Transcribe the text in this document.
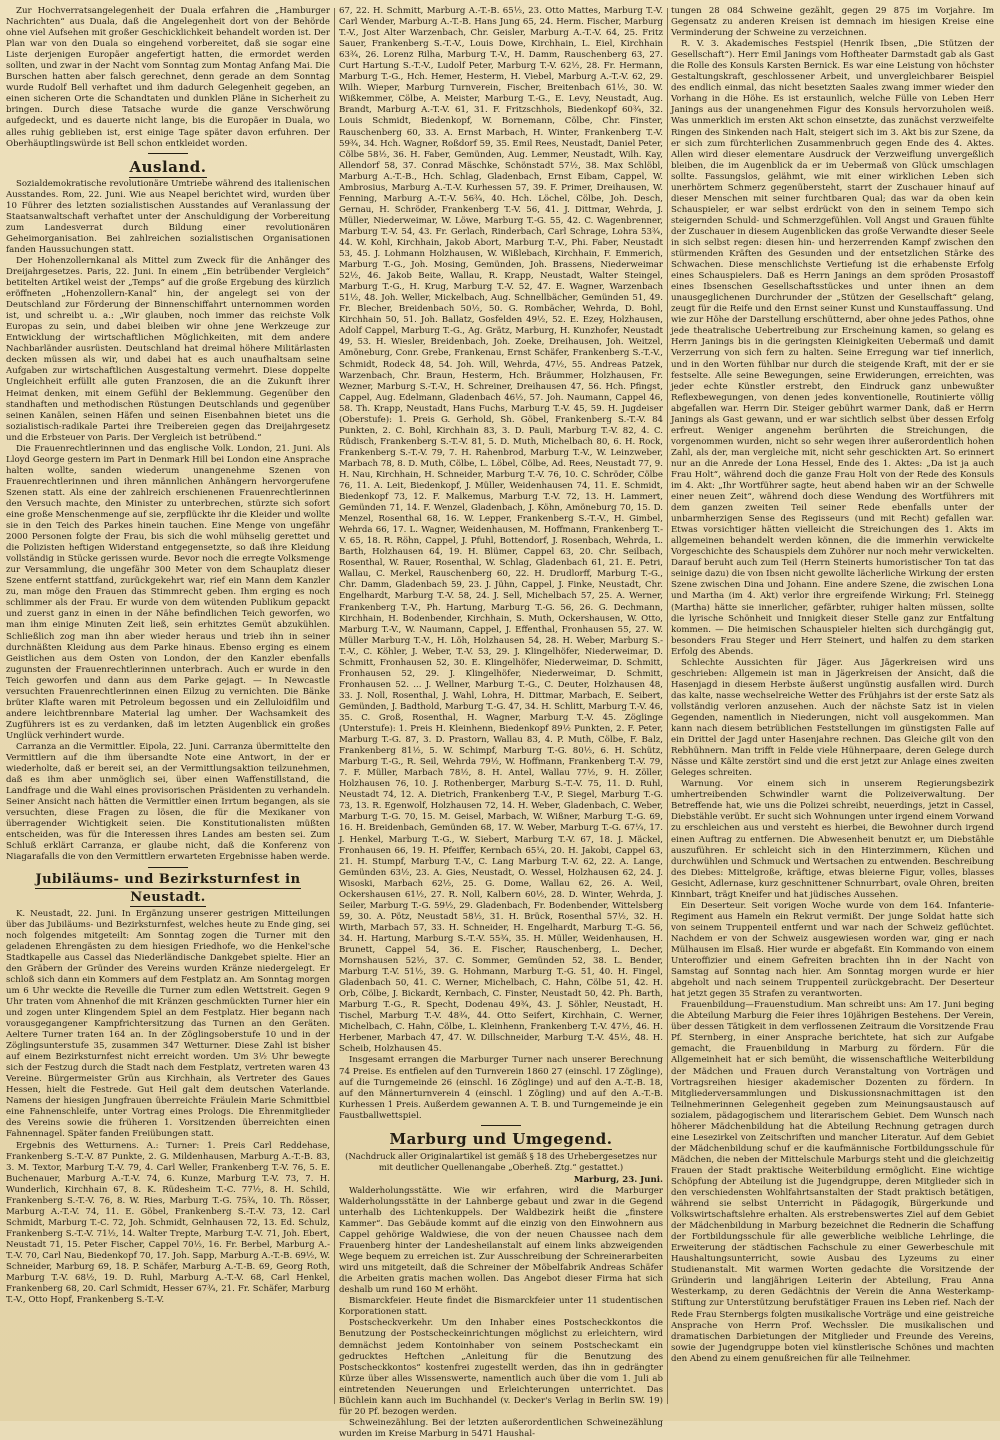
Zur Hochverratsangelegenheit der Duala erfahren die „Hamburger Nachrichten“ aus Duala, daß die Angelegenheit dort von der Behörde ohne viel Aufsehen mit großer Geschicklichkeit behandelt worden ist. Der Plan war von den Duala so eingehend vorbereitet, daß sie sogar eine Liste derjenigen Europäer angefertigt hatten, die ermordet werden sollten, und zwar in der Nacht vom Sonntag zum Montag Anfang Mai. Die Burschen hatten aber falsch gerechnet, denn gerade an dem Sonntag wurde Rudolf Bell verhaftet und ihm dadurch Gelegenheit gegeben, an einen sicheren Orte die Schandtaten und dunklen Pläne in Sicherheit zu bringen. Durch diese Tatsache wurde die ganze Verschwörung aufgedeckt, und es dauerte nicht lange, bis die Europäer in Duala, wo alles ruhig geblieben ist, erst einige Tage später davon erfuhren. Der Oberhäuptlingswürde ist Bell schon entkleidet worden.

Ausland.

Sozialdemokratische revolutionäre Umtriebe während des italienischen Ausstandes. Rom, 22. Juni. Wie aus Neapel berichtet wird, wurden über 10 Führer des letzten sozialistischen Ausstandes auf Veranlassung der Staatsanwaltschaft verhaftet unter der Anschuldigung der Vorbereitung zum Landesverrat durch Bildung einer revolutionären Geheimorganisation. Bei zahlreichen sozialistischen Organisationen fanden Haussuchungen statt.

Der Hohenzollernkanal als Mittel zum Zweck für die Anhänger des Dreijahrgesetzes. Paris, 22. Juni. In einem „Ein betrübender Vergleich“ betitelten Artikel weist der „Temps“ auf die große Ergebung des kürzlich eröffneten „Hohenzollern-Kanal“ hin, der angelegt sei von der Deutschland zur Förderung der Binnenschiffahrt unternommen worden ist, und schreibt u. a.: „Wir glauben, noch immer das reichste Volk Europas zu sein, und dabei bleiben wir ohne jene Werkzeuge zur Entwicklung der wirtschaftlichen Möglichkeiten, mit dem andere Nachbarländer ausrüsten. Deutschland hat dreimal höhere Militärlasten decken müssen als wir, und dabei hat es auch unaufhaltsam seine Aufgaben zur wirtschaftlichen Ausgestaltung vermehrt. Diese doppelte Ungleichheit erfüllt alle guten Franzosen, die an die Zukunft ihrer Heimat denken, mit einem Gefühl der Beklemmung. Gegenüber den standhaften und methodischen Rüstungen Deutschlands und gegenüber seinen Kanälen, seinen Häfen und seinen Eisenbahnen bietet uns die sozialistisch-radikale Partei ihre Treibereien gegen das Dreijahrgesetz und die Erbsteuer von Paris. Der Vergleich ist betrübend.“

Die Frauenrechtlerinnen und das englische Volk. London, 21. Juni. Als Lloyd George gestern im Part in Denmark Hill bei London eine Ansprache halten wollte, sanden wiederum unangenehme Szenen von Frauenrechtlerinnen und ihren männlichen Anhängern hervorgerufene Szenen statt. Als eine der zahlreich erschienenen Frauenrechtlerinnen den Versuch machte, den Minister zu unterbrechen, stürzte sich sofort eine große Menschenmenge auf sie, zerpflückte ihr die Kleider und wollte sie in den Teich des Parkes hinein tauchen. Eine Menge von ungefähr 2000 Personen folgte der Frau, bis sich die wohl mühselig gerettet und die Polizisten heftigen Widerstand entgegensetzte, so daß ihre Kleidung vollständig in Stücke gerissen wurde. Bevor noch die erregte Volksmenge zur Versammlung, die ungefähr 300 Meter von dem Schauplatz dieser Szene entfernt stattfand, zurückgekehrt war, rief ein Mann dem Kanzler zu, man möge den Frauen das Stimmrecht geben. Ihm erging es noch schlimmer als der Frau. Er wurde von dem wütenden Publikum gepackt und zuerst ganz in einen in der Nähe befindlichen Teich geworfen, wo man ihm einige Minuten Zeit ließ, sein erhitztes Gemüt abzukühlen. Schließlich zog man ihn aber wieder heraus und trieb ihn in seiner durchnäßten Kleidung aus dem Parke hinaus. Ebenso erging es einem Geistlichen aus dem Osten von London, der den Kanzler ebenfalls zugunsten der Frauenrechtlerinnen unterbrach. Auch er wurde in den Teich geworfen und dann aus dem Parke gejagt. — In Newcastle versuchten Frauenrechtlerinnen einen Eilzug zu vernichten. Die Bänke brüter Klafte waren mit Petroleum begossen und ein Zelluloidfilm und andere leichtbrennbare Material lag umher. Der Wachsamkeit des Zugführers ist es zu verdanken, daß im letzten Augenblick ein großes Unglück verhindert wurde.

Carranza an die Vermittler. Eipola, 22. Juni. Carranza übermittelte den Vermittlern auf die ihm übersandte Note eine Antwort, in der er wiederholte, daß er bereit sei, an der Vermittlungsaktion teilzunehmen, daß es ihm aber unmöglich sei, über einen Waffenstillstand, die Landfrage und die Wahl eines provisorischen Präsidenten zu verhandeln. Seiner Ansicht nach hätten die Vermittler einen Irrtum begangen, als sie versuchten, diese Fragen zu lösen, die für die Mexikaner von überragender Wichtigkeit seien. Die Konstitutionalisten müßten entscheiden, was für die Interessen ihres Landes am besten sei. Zum Schluß erklärt Carranza, er glaube nicht, daß die Konferenz von Niagarafalls die von den Vermittlern erwarteten Ergebnisse haben werde.

Jubiläums- und Bezirksturnfest in Neustadt.

K. Neustadt, 22. Juni. In Ergänzung unserer gestrigen Mitteilungen über das Jubiläums- und Bezirksturnfest, welches heute zu Ende ging, sei noch folgendes mitgeteilt: Am Sonntag zogen die Turner mit den geladenen Ehrengästen zu dem hiesigen Friedhofe, wo die Henkel'sche Stadtkapelle aus Cassel das Niederländische Dankgebet spielte. Hier an den Gräbern der Gründer des Vereins wurden Kränze niedergelegt. Er schloß sich dann ein Kommers auf dem Festplatz an. Am Sonntag morgen um 6 Uhr weckte die Reveille die Turner zum edlen Wettstreit. Gegen 9 Uhr traten vom Ahnenhof die mit Kränzen geschmückten Turner hier ein und zogen unter Klingendem Spiel an dem Festplatz. Hier begann nach vorausgegangener Kampfrichtersitzung das Turnen an den Geräten. Aeltere Turner traten 164 an. In der Zöglingsoberstufe 10 und in der Zöglingsunterstufe 35, zusammen 347 Wetturner. Diese Zahl ist bisher auf einem Bezirksturnfest nicht erreicht worden. Um 3½ Uhr bewegte sich der Festzug durch die Stadt nach dem Festplatz, vertreten waren 43 Vereine. Bürgermeister Grün aus Kirchhain, als Vertreter des Gaues Hessen, hielt die Festrede. Gut Heil galt dem deutschen Vaterlande. Namens der hiesigen Jungfrauen überreichte Fräulein Marie Schmittbiel eine Fahnenschleife, unter Vortrag eines Prologs. Die Ehrenmitglieder des Vereins sowie die früheren 1. Vorsitzenden überreichten einen Fahnennagel. Später fanden Freiübungen statt.

Ergebnis des Wetturnens. A.: Turner: 1. Preis Carl Reddehase, Frankenberg S.-T.-V. 87 Punkte, 2. G. Mildenhausen, Marburg A.-T.-B. 83, 3. M. Textor, Marburg T.-V. 79, 4. Carl Weller, Frankenberg T.-V. 76, 5. E. Buchenauer, Marburg A.-T.-V. 74, 6. Kunze, Marburg T.-V. 73, 7. H. Wunderlich, Kirchhain 67, 8. K. Rüdesheim T.-C. 77½, 8. H. Schild, Frankenberg S.-T.-V. 76, 8. W. Ries, Marburg T.-G. 75¾, 10. Th. Rösser, Marburg A.-T.-V. 74, 11. E. Göbel, Frankenberg S.-T.-V. 73, 12. Carl Schmidt, Marburg T.-C. 72, Joh. Schmidt, Gelnhausen 72, 13. Ed. Schulz, Frankenberg S.-T.-V. 71½, 14. Walter Trepte, Marburg T.-V. 71, Joh. Ebert, Neustadt 71, 15. Peter Fischer, Cappel 70½, 16. Fr. Berbel, Marburg A.-T.-V. 70, Carl Nau, Biedenkopf 70, 17. Joh. Sapp, Marburg A.-T.-B. 69½, W. Schneider, Marburg 69, 18. P. Schäfer, Marburg A.-T.-B. 69, Georg Roth, Marburg T.-V. 68½, 19. D. Ruhl, Marburg A.-T.-V. 68, Carl Henkel, Frankenberg 68, 20. Carl Schmidt, Hesser 67¾, 21. Fr. Schäfer, Marburg T.-V., Otto Hopf, Frankenberg S.-T.-V.

67, 22. H. Schmitt, Marburg A.-T.-B. 65½, 23. Otto Mattes, Marburg T.-V. Carl Wender, Marburg A.-T.-B. Hans Jung 65, 24. Herm. Fischer, Marburg T.-V., Jost Alter Warzenbach, Chr. Geisler, Marburg A.-T.-V. 64, 25. Fritz Sauer, Frankenberg S.-T.-V., Louis Dowe, Kirchhain, L. Eiel, Kirchhain 63¾, 26. Lorenz Rilha, Marburg T.-V., H. Damm, Rauschenberg 63, 27. Curt Hartung S.-T.-V., Ludolf Peter, Marburg T.-V. 62½, 28. Fr. Hermann, Marburg T.-G., Hch. Hemer, Hesterm, H. Viebel, Marburg A.-T.-V. 62, 29. Wilh. Wieper, Marburg Turnverein, Fischer, Breitenbach 61½, 30. W. Wißkemmer, Cölbe, A. Meister, Marburg T.-G., E. Levy, Neustadt, Aug. Brandt, Marburg A.-T.-V. 61, 31. F. Fritzschhols, Biedenkopf 60¾, 32. Louis Schmidt, Biedenkopf, W. Bornemann, Cölbe, Chr. Finster, Rauschenberg 60, 33. A. Ernst Marbach, H. Winter, Frankenberg T.-V. 59¾, 34. Hch. Wagner, Roßdorf 59, 35. Emil Rees, Neustadt, Daniel Peter, Cölbe 58½, 36. H. Faber, Gemünden, Aug. Lemmer, Neustadt, Wilh. Kay, Allendorf 58, 37. Conrad Mäschke, Schönstadt 57½, 38. Max Schlöbl, Marburg A.-T.-B., Hch. Schlag, Gladenbach, Ernst Eibam, Cappel, W. Ambrosius, Marburg A.-T.-V. Kurhessen 57, 39. F. Primer, Dreihausen, W. Fenning, Marburg A.-T.-V. 56¾, 40. Hch. Löchel, Cölbe, Joh. Desch, Gernau, H. Schröder, Frankenberg T.-V. 56, 41. J. Dittmar, Wehrda, J. Müller, Niederweimar, W. Löwe, Marburg T.-G. 55, 42. C. Wagenbrenner, Marburg T.-V. 54, 43. Fr. Gerlach, Rinderbach, Carl Schrage, Lohra 53¾, 44. W. Kohl, Kirchhain, Jakob Abort, Marburg T.-V., Phi. Faber, Neustadt 53, 45. J. Lohmann Holzhausen, W. Wißlebach, Kirchhain, F. Emmerich, Marburg T.-G., Joh. Mosing, Gemünden, Joh. Brassens, Niederweimar 52½, 46. Jakob Beite, Wallau, R. Krapp, Neustadt, Walter Steingel, Marburg T.-G., H. Krug, Marburg T.-V. 52, 47. E. Wagner, Warzenbach 51½, 48. Joh. Weller, Mickelbach, Aug. Schnellbächer, Gemünden 51, 49. Fr. Blecher, Breidenbach 50½, 50. G. Rombächer, Wehrda, D. Bohl, Kirchhain 50, 51. Joh. Ballatz, Gosfelden 49½, 52. E. Ezey, Holzhausen, Adolf Cappel, Marburg T.-G., Ag. Grätz, Marburg, H. Kunzhofer, Neustadt 49, 53. H. Wiesler, Breidenbach, Joh. Zoeke, Dreihausen, Joh. Weitzel, Amöneburg, Conr. Grebe, Frankenau, Ernst Schäfer, Frankenberg S.-T.-V., Schmidt, Rodeck 48, 54. Joh. Will, Wehrda, 47½, 55. Andreas Patzek, Warzenbach, Chr. Braun, Hesterm, Hch. Bräummer, Holzhausen, Fr. Wezner, Marburg S.-T.-V., H. Schreiner, Dreihausen 47, 56. Hch. Pfingst, Cappel, Aug. Edelmann, Gladenbach 46½, 57. Joh. Naumann, Cappel 46, 58. Th. Krapp, Neustadt, Hans Fuchs, Marburg T.-V. 45, 59. H. Jugdeiser (Oberstufe): 1. Preis G. Gerhold, Sh. Göbel, Frankenberg S.-T.-V. 84 Punkten, 2. C. Bohl, Kirchhain 83, 3. D. Pauli, Marburg T.-V. 82, 4. C. Rüdisch, Frankenberg S.-T.-V. 81, 5. D. Muth, Michelbach 80, 6. H. Rock, Frankenberg S.-T.-V. 79, 7. H. Rahenbrod, Marburg T.-V., W. Leinzweber, Marbach 78, 8. D. Muth, Cölbe, L. Löbel, Cölbe, Ad. Rees, Neustadt 77, 9. H. Nau, Kirchhain, H. Schneider, Marburg T.-V. 76, 10. C. Schröder, Cölbe 76, 11. A. Leit, Biedenkopf, J. Müller, Weidenhausen 74, 11. E. Schmidt, Biedenkopf 73, 12. F. Malkemus, Marburg T.-V. 72, 13. H. Lammert, Gemünden 71, 14. F. Wenzel, Gladenbach, J. Köhn, Amöneburg 70, 15. D. Menzel, Rosenthal 68, 16. W. Lepper, Frankenberg S.-T.-V., H. Gimbel, Wehrda 66, 17. L. Wagner, Weidenhausen, M. Hoffmann, Frankenberg T.-V. 65, 18. R. Röhn, Cappel, J. Pfuhl, Bottendorf, J. Rosenbach, Wehrda, L. Barth, Holzhausen 64, 19. H. Blümer, Cappel 63, 20. Chr. Seilbach, Rosenthal, W. Rauer, Rosenthal, W. Schlag, Gladenbach 61, 21. E. Petri, Wallau, C. Merkel, Rauschenberg 60, 22. H. Drudlorff, Marburg T.-G., Chr. Damm, Gladenbach 59, 23. J. Jühn, Cappel, J. Finke, Neustadt, Chr. Engelhardt, Marburg T.-V. 58, 24. J. Sell, Michelbach 57, 25. A. Werner, Frankenberg T.-V., Ph. Hartung, Marburg T.-G. 56, 26. G. Dechmann, Kirchhain, H. Bodenbender, Kirchhain, S. Muth, Ockershausen, W. Otto, Marburg T.-V., W. Naumann, Cappel, J. Effenthal, Fronhausen 55, 27. W. Müller Marburg T.-V., H. Löh, Holzhausen 54, 28. H. Weber, Marburg S.-T.-V., C. Köhler, J. Weber, T.-V. 53, 29. J. Klingelhöfer, Niederweimar, D. Schmitt, Fronhausen 52, 30. E. Klingelhöfer, Niederweimar, D. Schmitt, Fronhausen 52, 29. J. Klingelhöfer, Niederweimar, D. Schmitt, Fronhausen 52. ... J. Wellner, Marburg T.-G., C. Deuter, Holzhausen 48, 33. J. Noll, Rosenthal, J. Wahl, Lohra, H. Dittmar, Marbach, E. Seibert, Gemünden, J. Badthold, Marburg T.-G. 47, 34. H. Schlitt, Marburg T.-V. 46, 35. C. Groß, Rosenthal, H. Wagner, Marburg T.-V. 45. Zöglinge (Unterstufe): 1. Preis H. Kleinhenn, Biedenkopf 89½ Punkten, 2. F. Peter, Marburg T.-G. 87, 3. D. Prastorn, Wallau 83, 4. P. Muth, Cölbe, F. Balz, Frankenberg 81½, 5. W. Schimpf, Marburg T.-G. 80½, 6. H. Schütz, Marburg T.-G., R. Seil, Wehrda 79½, W. Hoffmann, Frankenberg T.-V. 79, 7. F. Müller, Marbach 78½, 8. H. Antel, Wallau 77½, 9. H. Zöller, Holzhausen 76, 10. J. Rothenberger, Marburg S.-T.-V. 75, 11. D. Ruhl, Neustadt 74, 12. A. Dietrich, Frankenberg T.-V., P. Siegel, Marburg T.-G. 73, 13. R. Egenwolf, Holzhausen 72, 14. H. Weber, Gladenbach, C. Weber, Marburg T.-G. 70, 15. M. Geisel, Marbach, W. Wißner, Marburg T.-G. 69, 16. H. Breidenbach, Gemünden 68, 17. W. Weber, Marburg T.-G. 67¼, 17. J. Henkel, Marburg T.-G., W. Siebert, Marburg T.-V. 67, 18. J. Mäckel, Fronhausen 66, 19. H. Pfeiffer, Kernbach 65¼, 20. H. Jakobi, Cappel 63, 21. H. Stumpf, Marburg T.-V., C. Lang Marburg T.-V. 62, 22. A. Lange, Gemünden 63½, 23. A. Gies, Neustadt, O. Wessel, Holzhausen 62, 24. J. Wisoski, Marbach 62½, 25. G. Dome, Wallau 62, 26. A. Weil, Ockershausen 61½, 27. R. Noll, Kalbern 60½, 28. D. Winter, Wehrda, J. Seiler, Marburg T.-G. 59½, 29. Gladenbach, Fr. Bodenbender, Wittelsberg 59, 30. A. Pötz, Neustadt 58½, 31. H. Brück, Rosenthal 57½, 32. H. Wirth, Marbach 57, 33. H. Schneider, H. Engelhardt, Marburg T.-G. 56, 34. H. Hartung, Marburg S.-T.-V. 55¾, 35. H. Müller, Weidenhausen, H. Brunett, Cappel 54, 36. E. Fischer, Rauschenberg, L. Decher, Mornshausen 52½, 37. C. Sommer, Gemünden 52, 38. L. Bender, Marburg T.-V. 51½, 39. G. Hohmann, Marburg T.-G. 51, 40. H. Fingel, Gladenbach 50, 41. C. Werner, Michelbach, C. Hahn, Cölbe 51, 42. H. Orb, Cölbe, J. Bickardt, Kernbach, C. Finster, Neustadt 50, 42. Ph. Barth, Marburg T.-G., R. Specht, Dodenau 49¾, 43. J. Söhler, Neustadt, H. Tischel, Marburg T.-V. 48¾, 44. Otto Seifert, Kirchhain, C. Werner, Michelbach, C. Hahn, Cölbe, L. Kleinhenn, Frankenberg T.-V. 47½, 46. H. Herbener, Marbach 47, 47. W. Dillschneider, Marburg T.-V. 45½, 48. H. Scheib, Holzhausen 45.

Insgesamt errangen die Marburger Turner nach unserer Berechnung 74 Preise. Es entfielen auf den Turnverein 1860 27 (einschl. 17 Zöglinge), auf die Turngemeinde 26 (einschl. 16 Zöglinge) und auf den A.-T.-B. 18, auf den Männerturnverein 4 (einschl. 1 Zögling) und auf den A.-T.-B. Kurhessen 1 Preis. Außerdem gewannen A. T. B. und Turngemeinde je ein Faustballwettspiel.

Marburg und Umgegend.
(Nachdruck aller Originalartikel ist gemäß § 18 des Urhebergesetzes nur mit deutlicher Quellenangabe „Oberheß. Ztg.“ gestattet.)
Marburg, 23. Juni.

Walderholungsstätte. Wie wir erfahren, wird die Marburger Walderholungsstätte in der Lahnberge gebaut und zwar in die Gegend unterhalb des Lichtenkuppels. Der Waldbezirk heißt die „finstere Kammer“. Das Gebäude kommt auf die einzig von den Einwohnern aus Cappel gehörige Waldwiese, die von der neuen Chaussee nach dem Frauenberg hinter der Landesheilanstalt auf einem links abzweigenden Wege bequem zu erreichen ist. Zur Ausschreibung der Schreinerarbeiten wird uns mitgeteilt, daß die Schreiner der Möbelfabrik Andreas Schäfer die Arbeiten gratis machen wollen. Das Angebot dieser Firma hat sich deshalb um rund 160 M erhöht.

Bismarckfeier. Heute findet die Bismarckfeier unter 11 studentischen Korporationen statt.

Postscheckverkehr. Um den Inhaber eines Postscheckkontos die Benutzung der Postscheckeinrichtungen möglichst zu erleichtern, wird demnächst jedem Kontoinhaber von seinem Postscheckamt ein gedrucktes Heftchen „Anleitung für die Benutzung des Postscheckkontos“ kostenfrei zugestellt werden, das ihn in gedrängter Kürze über alles Wissenswerte, namentlich auch über die vom 1. Juli ab eintretenden Neuerungen und Erleichterungen unterrichtet. Das Büchlein kann auch im Buchhandel (v. Decker's Verlag in Berlin SW. 19) für 20 Pf. bezogen werden.

Schweinezählung. Bei der letzten außerordentlichen Schweinezählung wurden im Kreise Marburg in 5471 Haushal-

tungen 28 084 Schweine gezählt, gegen 29 875 im Vorjahre. Im Gegensatz zu anderen Kreisen ist demnach im hiesigen Kreise eine Verminderung der Schweine zu verzeichnen.

R. V. 3. Akademisches Festspiel (Henrik Ibsen, „Die Stützen der Gesellschaft“). Herr Emil Janings vom Hoftheater Darmstadt gab als Gast die Rolle des Konsuls Karsten Bernick. Es war eine Leistung von höchster Gestaltungskraft, geschlossener Arbeit, und unvergleichbarer Beispiel des endlich einmal, das nicht besetzten Saales zwang immer wieder den Vorhang in die Höhe. Es ist erstaunlich, welche Fülle von Leben Herr Janings aus der unangenehmen Figur des Konsuls hervorzuholen weiß. Was unmerklich im ersten Akt schon einsetzte, das zunächst verzweifelte Ringen des Sinkenden nach Halt, steigert sich im 3. Akt bis zur Szene, da er sich zum fürchterlichen Zusammenbruch gegen Ende des 4. Aktes. Allen wird dieser elementare Ausdruck der Verzweiflung unvergeßlich bleiben, die im Augenblick da er im Uebermaß von Glück umschlagen sollte. Fassungslos, gelähmt, wie mit einer wirklichen Leben sich unerhörtem Schmerz gegenübersteht, starrt der Zuschauer hinauf auf dieser Menschen mit seiner furchtbaren Qual; das war da oben kein Schauspieler, er war selbst erdrückt von den in seinem Tempo sich steigernden Schuld- und Schmerzgefühlen. Voll Angst und Grauen fühlte der Zuschauer in diesem Augenblicken das große Verwandte dieser Seele in sich selbst regen: diesen hin- und herzerrenden Kampf zwischen den stürmenden Kräften des Gesunden und der entsetzlichen Stärke des Schwachen. Diese menschlichste Vertiefung ist die erhabenste Erfolg eines Schauspielers. Daß es Herrn Janings an dem spröden Prosastoff eines Ibsenschen Gesellschaftsstückes und unter ihnen an dem unausgeglichenen Durchrunder der „Stützen der Gesellschaft“ gelang, zeugt für die Reife und den Ernst seiner Kunst und Kunstauffassung. Und wie zur Höhe der Darstellung erschütternd, aber ohne jedes Pathos, ohne jede theatralische Uebertreibung zur Erscheinung kamen, so gelang es Herrn Janings bis in die geringsten Kleinigkeiten Uebermaß und damit Verzerrung von sich fern zu halten. Seine Erregung war tief innerlich, und in den Worten fühlbar nur durch die steigende Kraft, mit der er sie festselte. Alle seine Bewegungen, seine Erwiderungen, erreichten, was jeder echte Künstler erstrebt, den Eindruck ganz unbewußter Reflexbewegungen, von denen jedes konventionelle, Routinierte völlig abgefallen war. Herrn Dir. Steiger gebührt warmer Dank, daß er Herrn Janings als Gast gewann, und er war sichtlich selbst über dessen Erfolg erfreut. Weniger angenehm berührten die Streichungen, die vorgenommen wurden, nicht so sehr wegen ihrer außerordentlich hohen Zahl, als der, man vergleiche mit, nicht sehr geschickten Art. So erinnert nur an die Anrede der Lona Hessel, Ende des 1. Aktes: „Da ist ja auch Frau Holt“, während doch die ganze Frau Holt von der Rede des Konsuls im 4. Akt: „Ihr Wortführer sagte, heut abend haben wir an der Schwelle einer neuen Zeit“, während doch diese Wendung des Wortführers mit dem ganzen zweiten Teil seiner Rede ebenfalls unter der unbarmherzigen Sense des Regisseurs (und mit Recht) gefallen war. Etwas vorsichtiger hätten vielleicht die Streichungen des 1. Akts im allgemeinen behandelt werden können, die die immerhin verwickelte Vorgeschichte des Schauspiels dem Zuhörer nur noch mehr verwickelten. Darauf beruht auch zum Teil (Herrn Steinerts humoristischer Ton tat das seinige dazu) die von Ibsen nicht gewollte lächerliche Wirkung der ersten Szene zwischen Dina und Johann. Eine andere Szene, die zwischen Lona und Martha (im 4. Akt) verlor ihre ergreifende Wirkung; Frl. Steinegg (Martha) hätte sie innerlicher, gefärbter, ruhiger halten müssen, sollte die lyrische Schönheit und Innigkeit dieser Stelle ganz zur Entfaltung kommen. — Die heimischen Schauspieler hielten sich durchgängig gut, besonders Frau Steger und Herr Steinert, und halfen zu dem starken Erfolg des Abends.

Schlechte Aussichten für Jäger. Aus Jägerkreisen wird uns geschrieben: Allgemein ist man in Jägerkreisen der Ansicht, daß die Hasenjagd in diesem Herbste äußerst ungünstig ausfallen wird. Durch das kalte, nasse wechselreiche Wetter des Frühjahrs ist der erste Satz als vollständig verloren anzusehen. Auch der nächste Satz ist in vielen Gegenden, namentlich in Niederungen, nicht voll ausgekommen. Man kann nach diesem betrüblichen Feststellungen im günstigsten Falle auf ein Drittel der Jagd unter Hasenjahre rechnen. Das Gleiche gilt von den Rebhühnern. Man trifft in Felde viele Hühnerpaare, deren Gelege durch Nässe und Kälte zerstört sind und die erst jetzt zur Anlage eines zweiten Geleges schreiten.

Warnung. Vor einem sich in unserem Regierungsbezirk umhertreibenden Schwindler warnt die Polizeiverwaltung. Der Betreffende hat, wie uns die Polizei schreibt, neuerdings, jetzt in Cassel, Diebstähle verübt. Er sucht sich Wohnungen unter irgend einem Vorwand zu erschleichen aus und versteht es hierbei, die Bewohner durch irgend einen Auftrag zu entfernen. Die Abwesenheit benutzt er, um Diebstähle auszuführen. Er schleicht sich in den Hinterzimmern, Küchen und durchwühlen und Schmuck und Wertsachen zu entwenden. Beschreibung des Diebes: Mittelgroße, kräftige, etwas bleierne Figur, volles, blasses Gesicht, Adlernase, kurz geschnittener Schnurrbart, ovale Ohren, breiten Kinnbart, trägt Kneifer und hat jüdisches Aussehen.

Ein Deserteur. Seit vorigen Woche wurde von dem 164. Infanterie-Regiment aus Hameln ein Rekrut vermißt. Der junge Soldat hatte sich von seinem Truppenteil entfernt und war nach der Schweiz geflüchtet. Nachdem er von der Schweiz ausgewiesen worden war, ging er nach Mülhausen im Elsaß. Hier wurde er abgefaßt. Ein Kommando von einem Unteroffizier und einem Gefreiten brachten ihn in der Nacht von Samstag auf Sonntag nach hier. Am Sonntag morgen wurde er hier abgeholt und nach seinem Truppenteil zurückgebracht. Der Deserteur hat jetzt gegen 35 Strafen zu verantworten.

Frauenbildung—Frauenstudium. Man schreibt uns: Am 17. Juni beging die Abteilung Marburg die Feier ihres 10jährigen Bestehens. Der Verein, über dessen Tätigkeit in dem verflossenen Zeitraum die Vorsitzende Frau Pf. Sternberg, in einer Ansprache berichtete, hat sich zur Aufgabe gemacht, die Frauenbildung in Marburg zu fördern. Für die Allgemeinheit hat er sich bemüht, die wissenschaftliche Weiterbildung der Mädchen und Frauen durch Veranstaltung von Vorträgen und Vortragsreihen hiesiger akademischer Dozenten zu fördern. In Mitgliederversammlungen und Diskussionsnachmittagen ist den Teilnehmerinnen Gelegenheit gegeben zum Meinungsaustausch auf sozialem, pädagogischem und literarischem Gebiet. Dem Wunsch nach höherer Mädchenbildung hat die Abteilung Rechnung getragen durch eine Lesezirkel von Zeitschriften und mancher Literatur. Auf dem Gebiet der Mädchenbildung schuf er die kaufmännische Fortbildungsschule für Mädchen, die neben der Mittelschule Marburgs steht und die gleichzeitig Frauen der Stadt praktische Weiterbildung ermöglicht. Eine wichtige Schöpfung der Abteilung ist die Jugendgruppe, deren Mitglieder sich in den verschiedensten Wohlfahrtsanstalten der Stadt praktisch betätigen, während sie selbst Unterricht in Pädagogik, Bürgerkunde und Volkswirtschaftslehre erhalten. Als erstrebenswertes Ziel auf dem Gebiet der Mädchenbildung in Marburg bezeichnet die Rednerin die Schaffung der Fortbildungsschule für alle gewerbliche weibliche Lehrlinge, die Erweiterung der städtischen Fachschule zu einer Gewerbeschule mit Haushaltungsunterricht, sowie Ausbau des Lyzeums zu einer Studienanstalt. Mit warmen Worten gedachte die Vorsitzende der Gründerin und langjährigen Leiterin der Abteilung, Frau Anna Westerkamp, zu deren Gedächtnis der Verein die Anna Westerkamp-Stiftung zur Unterstützung berufstätiger Frauen ins Leben rief. Nach der Rede Frau Sternbergs folgten musikalische Vorträge und eine geistreiche Ansprache von Herrn Prof. Wechssler. Die musikalischen und dramatischen Darbietungen der Mitglieder und Freunde des Vereins, sowie der Jugendgruppe boten viel künstlerische Schönes und machten den Abend zu einem genußreichen für alle Teilnehmer.
